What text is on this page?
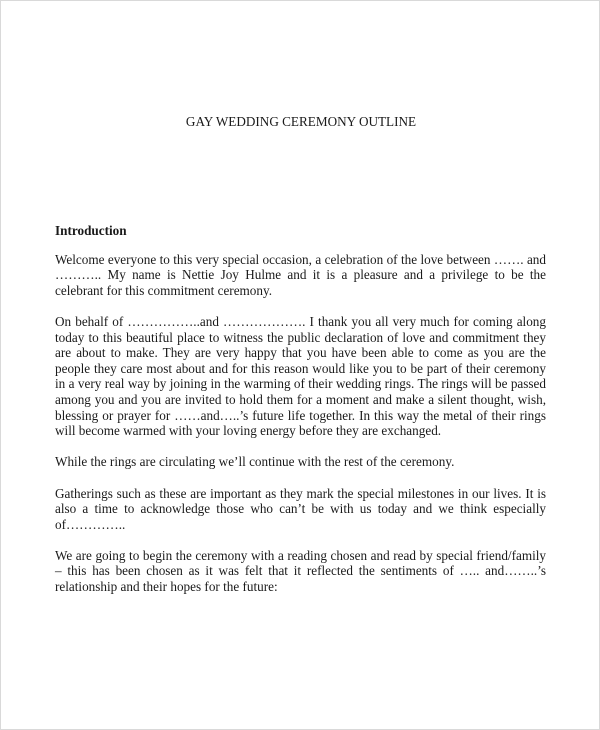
GAY WEDDING CEREMONY OUTLINE
Introduction

Welcome everyone to this very special occasion, a celebration of the love between ……. and ……….. My name is Nettie Joy Hulme and it is a pleasure and a privilege to be the celebrant for this commitment ceremony.

On behalf of ……………..and ………………. I thank you all very much for coming along today to this beautiful place to witness the public declaration of love and commitment they are about to make. They are very happy that you have been able to come as you are the people they care most about and for this reason would like you to be part of their ceremony in a very real way by joining in the warming of their wedding rings. The rings will be passed among you and you are invited to hold them for a moment and make a silent thought, wish, blessing or prayer for ……and…..’s future life together. In this way the metal of their rings will become warmed with your loving energy before they are exchanged.

While the rings are circulating we’ll continue with the rest of the ceremony.

Gatherings such as these are important as they mark the special milestones in our lives. It is also a time to acknowledge those who can’t be with us today and we think especially of…………..

We are going to begin the ceremony with a reading chosen and read by special friend/family – this has been chosen as it was felt that it reflected the sentiments of ….. and……..’s relationship and their hopes for the future:
